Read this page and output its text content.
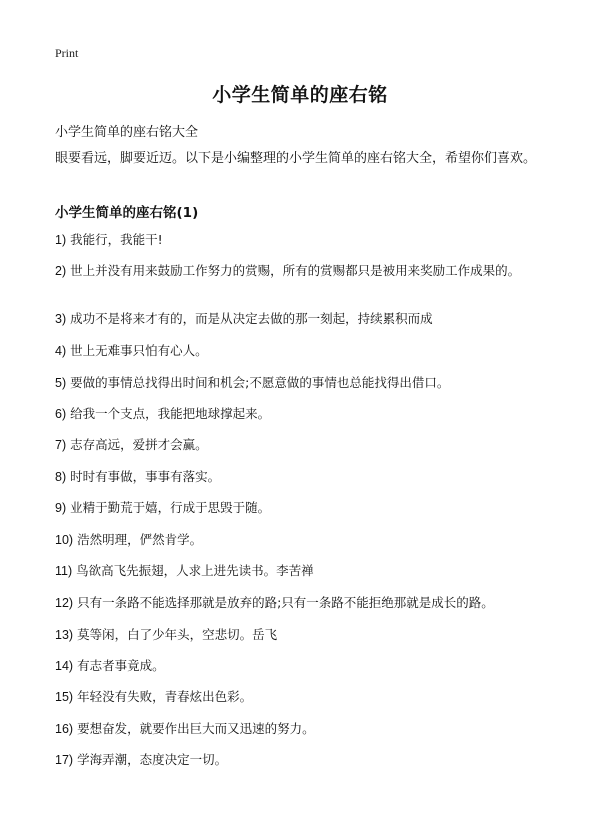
Print
小学生简单的座右铭
小学生简单的座右铭大全
眼要看远，脚要近迈。以下是小编整理的小学生简单的座右铭大全，希望你们喜欢。
小学生简单的座右铭(1)
1) 我能行，我能干!
2) 世上并没有用来鼓励工作努力的赏赐，所有的赏赐都只是被用来奖励工作成果的。
3) 成功不是将来才有的，而是从决定去做的那一刻起，持续累积而成
4) 世上无难事只怕有心人。
5) 要做的事情总找得出时间和机会;不愿意做的事情也总能找得出借口。
6) 给我一个支点，我能把地球撑起来。
7) 志存高远，爱拼才会赢。
8) 时时有事做，事事有落实。
9) 业精于勤荒于嬉，行成于思毁于随。
10) 浩然明理，俨然肯学。
11) 鸟欲高飞先振翅，人求上进先读书。李苦禅
12) 只有一条路不能选择那就是放弃的路;只有一条路不能拒绝那就是成长的路。
13) 莫等闲，白了少年头，空悲切。岳飞
14) 有志者事竟成。
15) 年轻没有失败，青春炫出色彩。
16) 要想奋发，就要作出巨大而又迅速的努力。
17) 学海弄潮，态度决定一切。
